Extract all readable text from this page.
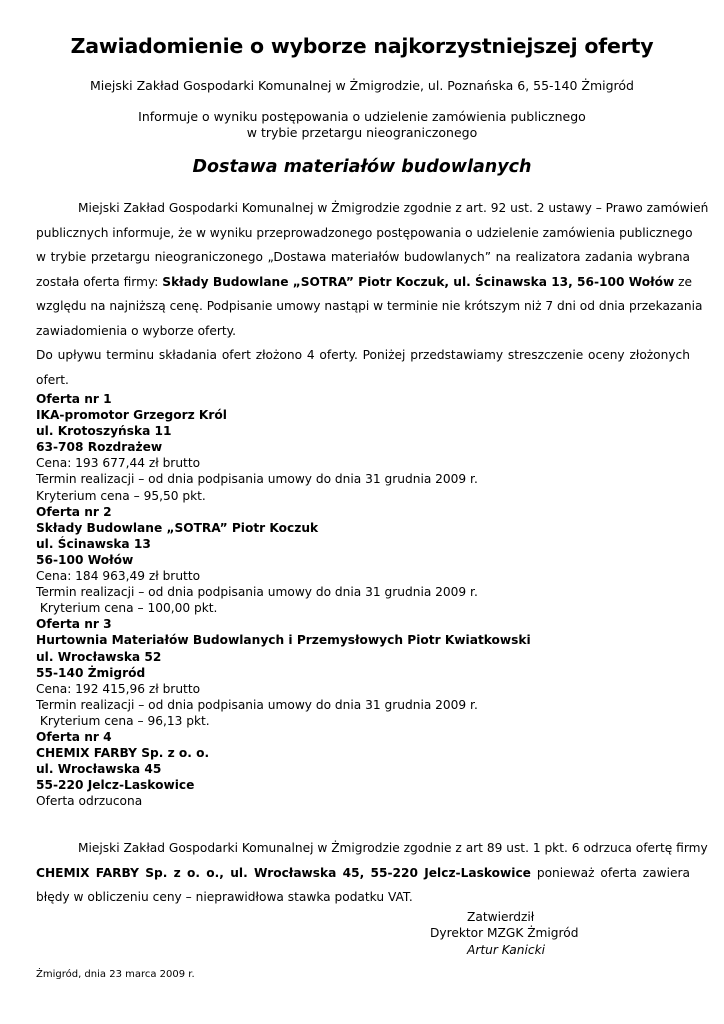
Zawiadomienie o wyborze najkorzystniejszej oferty
Miejski Zakład Gospodarki Komunalnej w Żmigrodzie, ul. Poznańska 6, 55-140 Żmigród
Informuje o wyniku postępowania o udzielenie zamówienia publicznego
w trybie przetargu nieograniczonego
Dostawa materiałów budowlanych
Miejski Zakład Gospodarki Komunalnej w Żmigrodzie zgodnie z art. 92 ust. 2 ustawy – Prawo zamówień
publicznych informuje, że w wyniku przeprowadzonego postępowania o udzielenie zamówienia publicznego
w trybie przetargu nieograniczonego „Dostawa materiałów budowlanych” na realizatora zadania wybrana
została oferta firmy: Składy Budowlane „SOTRA” Piotr Koczuk, ul. Ścinawska 13, 56-100 Wołów ze
względu na najniższą cenę. Podpisanie umowy nastąpi w terminie nie krótszym niż 7 dni od dnia przekazania
zawiadomienia o wyborze oferty.
Do upływu terminu składania ofert złożono 4 oferty. Poniżej przedstawiamy streszczenie oceny złożonych
ofert.
Oferta nr 1
IKA-promotor Grzegorz Król
ul. Krotoszyńska 11
63-708 Rozdrażew
Cena: 193 677,44 zł brutto
Termin realizacji – od dnia podpisania umowy do dnia 31 grudnia 2009 r.
Kryterium cena – 95,50 pkt.
Oferta nr 2
Składy Budowlane „SOTRA” Piotr Koczuk
ul. Ścinawska 13
56-100 Wołów
Cena: 184 963,49 zł brutto
Termin realizacji – od dnia podpisania umowy do dnia 31 grudnia 2009 r.
Kryterium cena – 100,00 pkt.
Oferta nr 3
Hurtownia Materiałów Budowlanych i Przemysłowych Piotr Kwiatkowski
ul. Wrocławska 52
55-140 Żmigród
Cena: 192 415,96 zł brutto
Termin realizacji – od dnia podpisania umowy do dnia 31 grudnia 2009 r.
Kryterium cena – 96,13 pkt.
Oferta nr 4
CHEMIX FARBY Sp. z o. o.
ul. Wrocławska 45
55-220 Jelcz-Laskowice
Oferta odrzucona
Miejski Zakład Gospodarki Komunalnej w Żmigrodzie zgodnie z art 89 ust. 1 pkt. 6 odrzuca ofertę firmy
CHEMIX FARBY Sp. z o. o., ul. Wrocławska 45, 55-220 Jelcz-Laskowice ponieważ oferta zawiera
błędy w obliczeniu ceny – nieprawidłowa stawka podatku VAT.
Zatwierdził
Dyrektor MZGK Żmigród
Artur Kanicki
Żmigród, dnia 23 marca 2009 r.
